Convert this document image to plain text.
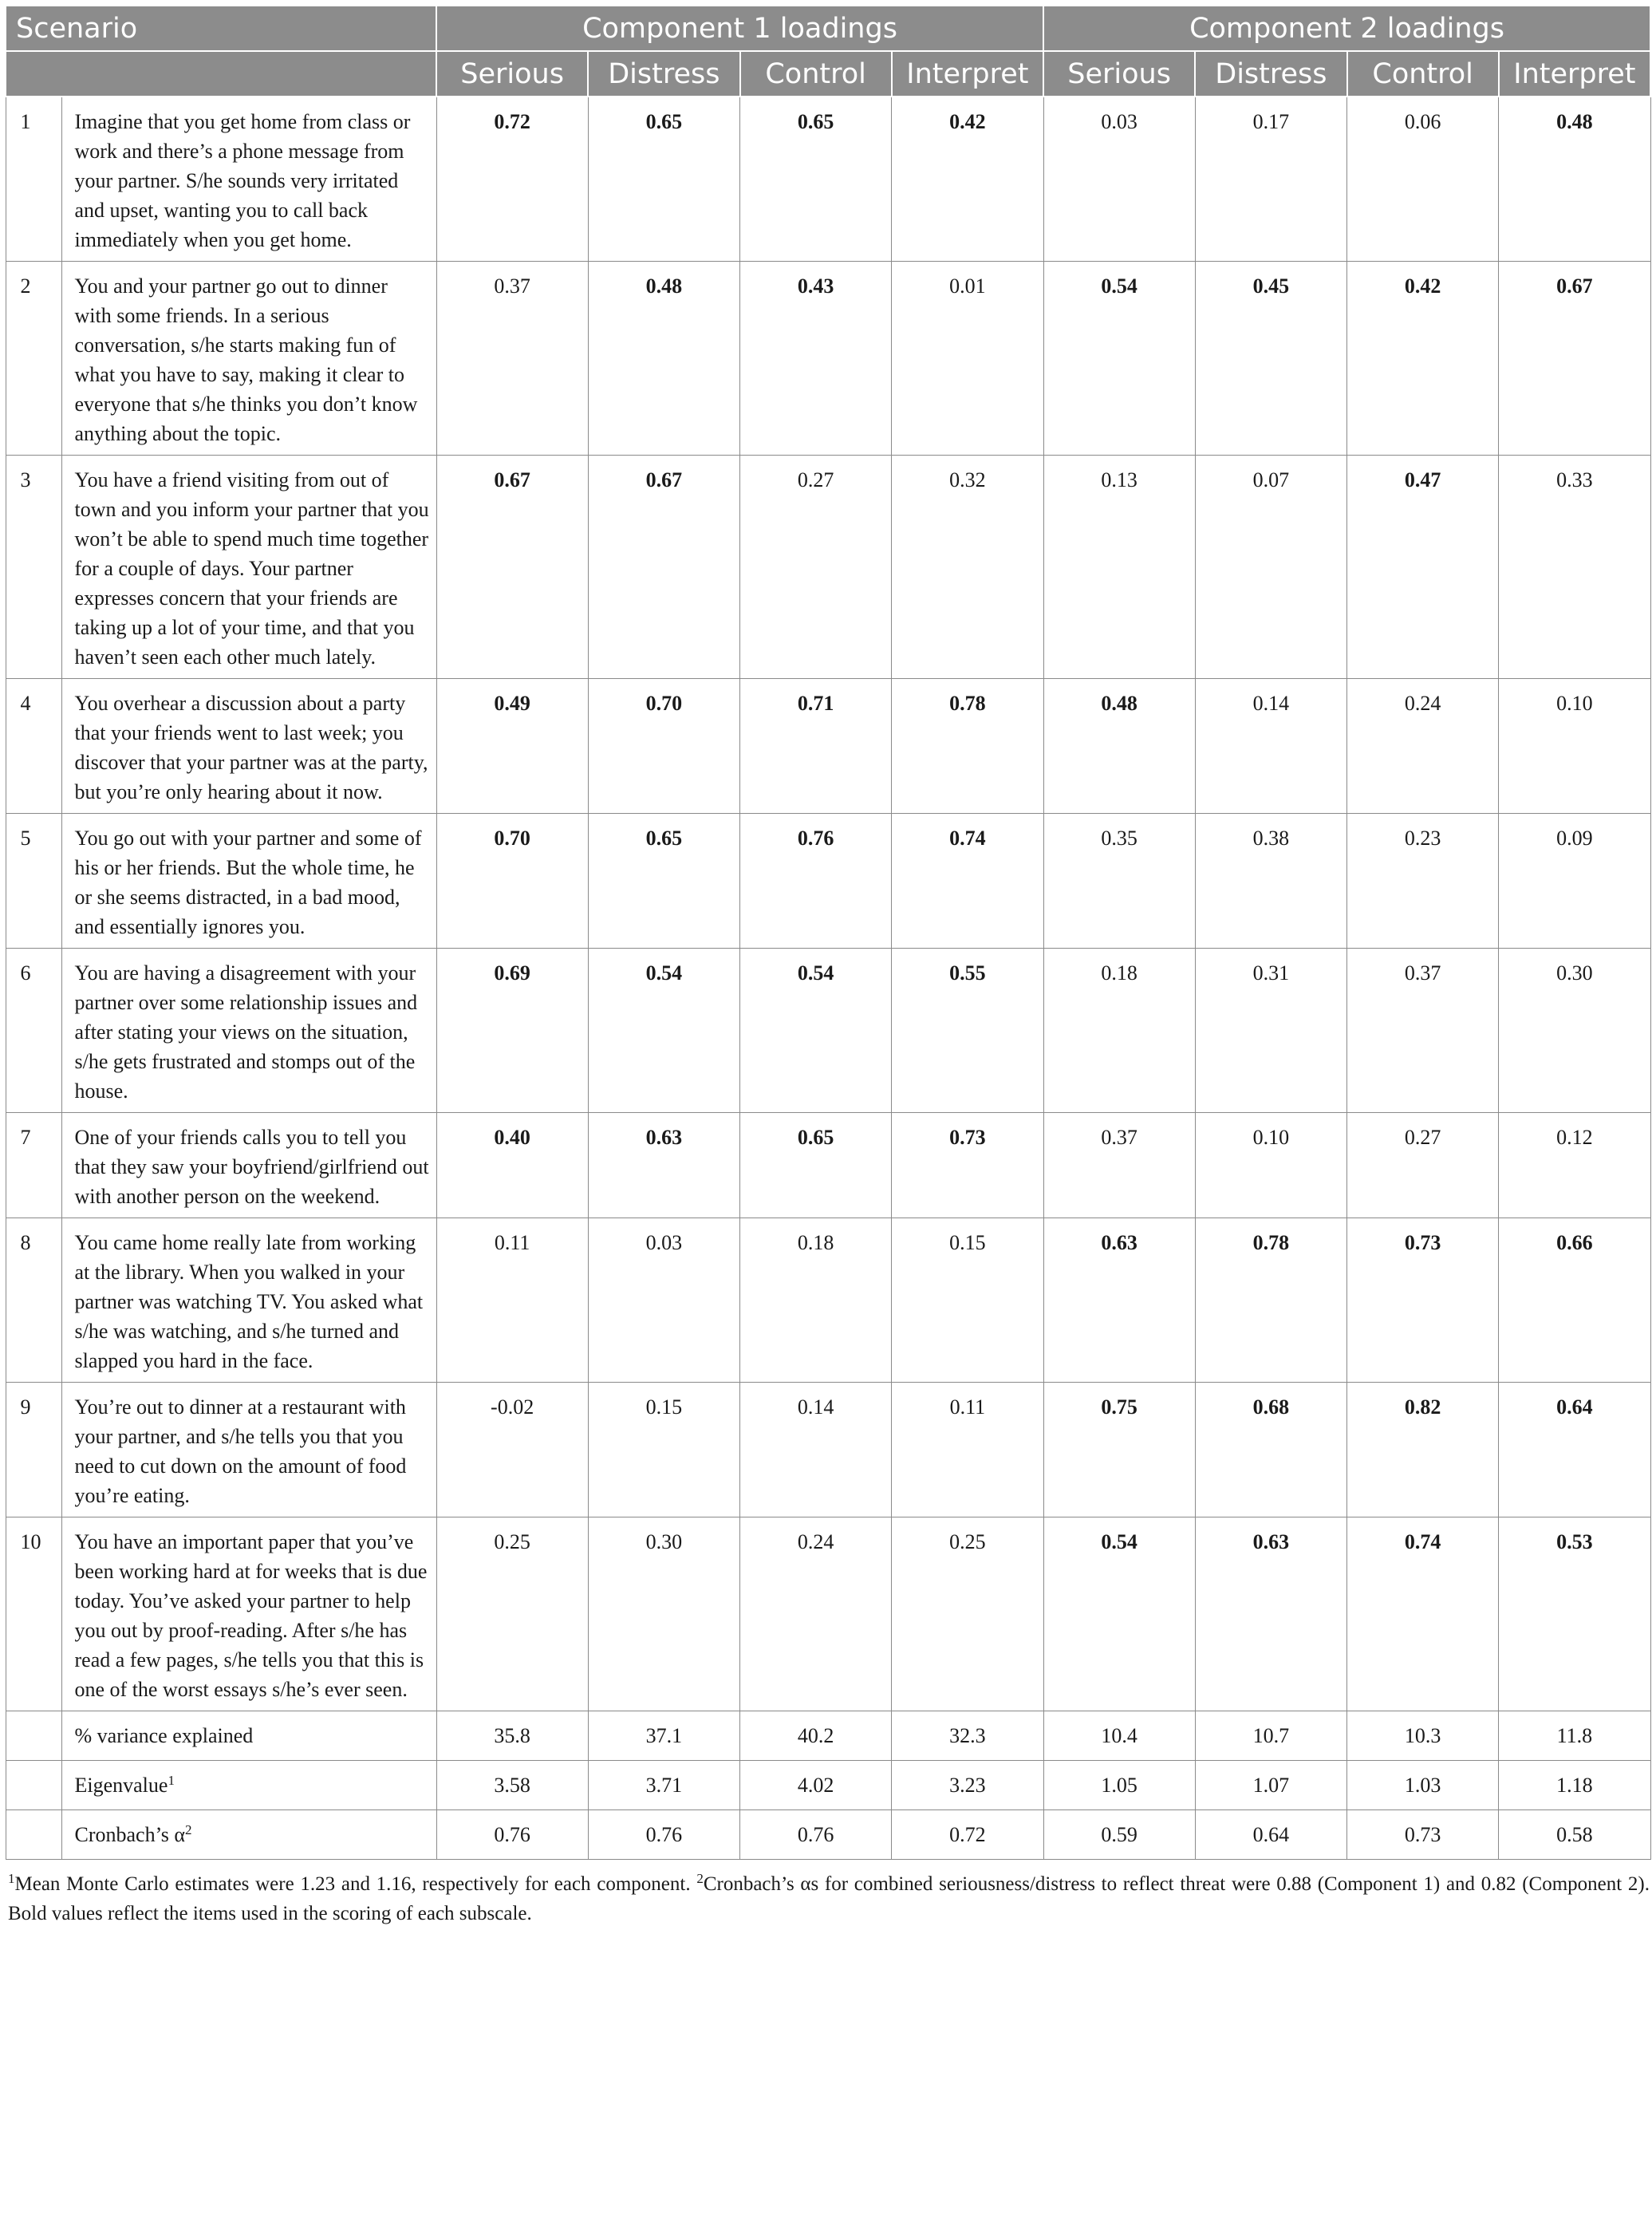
Scenario		Component 1 loadings				Component 2 loadings			
		Serious	Distress	Control	Interpret	Serious	Distress	Control	Interpret
1	Imagine that you get home from class or work and there’s a phone message from your partner. S/he sounds very irritated and upset, wanting you to call back immediately when you get home.	0.72	0.65	0.65	0.42	0.03	0.17	0.06	0.48
2	You and your partner go out to dinner with some friends. In a serious conversation, s/he starts making fun of what you have to say, making it clear to everyone that s/he thinks you don’t know anything about the topic.	0.37	0.48	0.43	0.01	0.54	0.45	0.42	0.67
3	You have a friend visiting from out of town and you inform your partner that you won’t be able to spend much time together for a couple of days. Your partner expresses concern that your friends are taking up a lot of your time, and that you haven’t seen each other much lately.	0.67	0.67	0.27	0.32	0.13	0.07	0.47	0.33
4	You overhear a discussion about a party that your friends went to last week; you discover that your partner was at the party, but you’re only hearing about it now.	0.49	0.70	0.71	0.78	0.48	0.14	0.24	0.10
5	You go out with your partner and some of his or her friends. But the whole time, he or she seems distracted, in a bad mood, and essentially ignores you.	0.70	0.65	0.76	0.74	0.35	0.38	0.23	0.09
6	You are having a disagreement with your partner over some relationship issues and after stating your views on the situation, s/he gets frustrated and stomps out of the house.	0.69	0.54	0.54	0.55	0.18	0.31	0.37	0.30
7	One of your friends calls you to tell you that they saw your boyfriend/girlfriend out with another person on the weekend.	0.40	0.63	0.65	0.73	0.37	0.10	0.27	0.12
8	You came home really late from working at the library. When you walked in your partner was watching TV. You asked what s/he was watching, and s/he turned and slapped you hard in the face.	0.11	0.03	0.18	0.15	0.63	0.78	0.73	0.66
9	You’re out to dinner at a restaurant with your partner, and s/he tells you that you need to cut down on the amount of food you’re eating.	-0.02	0.15	0.14	0.11	0.75	0.68	0.82	0.64
10	You have an important paper that you’ve been working hard at for weeks that is due today. You’ve asked your partner to help you out by proof-reading. After s/he has read a few pages, s/he tells you that this is one of the worst essays s/he’s ever seen.	0.25	0.30	0.24	0.25	0.54	0.63	0.74	0.53
	% variance explained	35.8	37.1	40.2	32.3	10.4	10.7	10.3	11.8
	Eigenvalue$^1$	3.58	3.71	4.02	3.23	1.05	1.07	1.03	1.18
	Cronbach’s $\alpha^2$	0.76	0.76	0.76	0.72	0.59	0.64	0.73	0.58
$^1$Mean Monte Carlo estimates were 1.23 and 1.16, respectively for each component. $^2$Cronbach’s αs for combined seriousness/distress to reflect threat were 0.88 (Component 1) and 0.82 (Component 2). Bold values reflect the items used in the scoring of each subscale.
